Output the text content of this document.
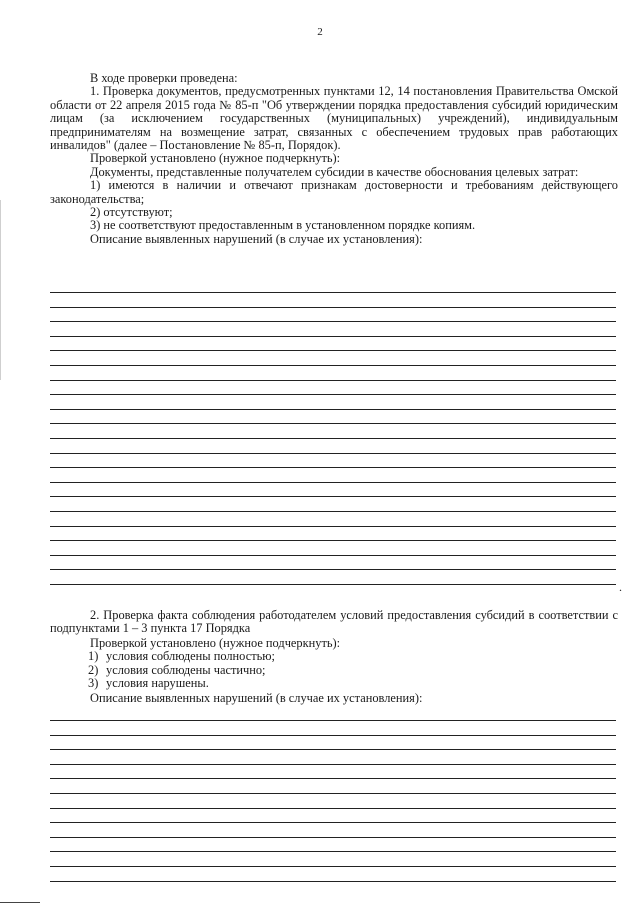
2

В ходе проверки проведена:

1. Проверка документов, предусмотренных пунктами 12, 14 постановления Правительства Омской области от 22 апреля 2015 года № 85-п "Об утверждении порядка предоставления субсидий юридическим лицам (за исключением государственных (муниципальных) учреждений), индивидуальным предпринимателям на возмещение затрат, связанных с обеспечением трудовых прав работающих инвалидов" (далее – Постановление № 85-п, Порядок).

Проверкой установлено (нужное подчеркнуть):

Документы, представленные получателем субсидии в качестве обоснования целевых затрат:

1) имеются в наличии и отвечают признакам достоверности и требованиям действующего законодательства;

2) отсутствуют;

3) не соответствуют предоставленным в установленном порядке копиям.

Описание выявленных нарушений (в случае их установления):

.

2. Проверка факта соблюдения работодателем условий предоставления субсидий в соответствии с подпунктами 1 – 3 пункта 17 Порядка

Проверкой установлено (нужное подчеркнуть):

1) условия соблюдены полностью;

2) условия соблюдены частично;

3) условия нарушены.

Описание выявленных нарушений (в случае их установления):
